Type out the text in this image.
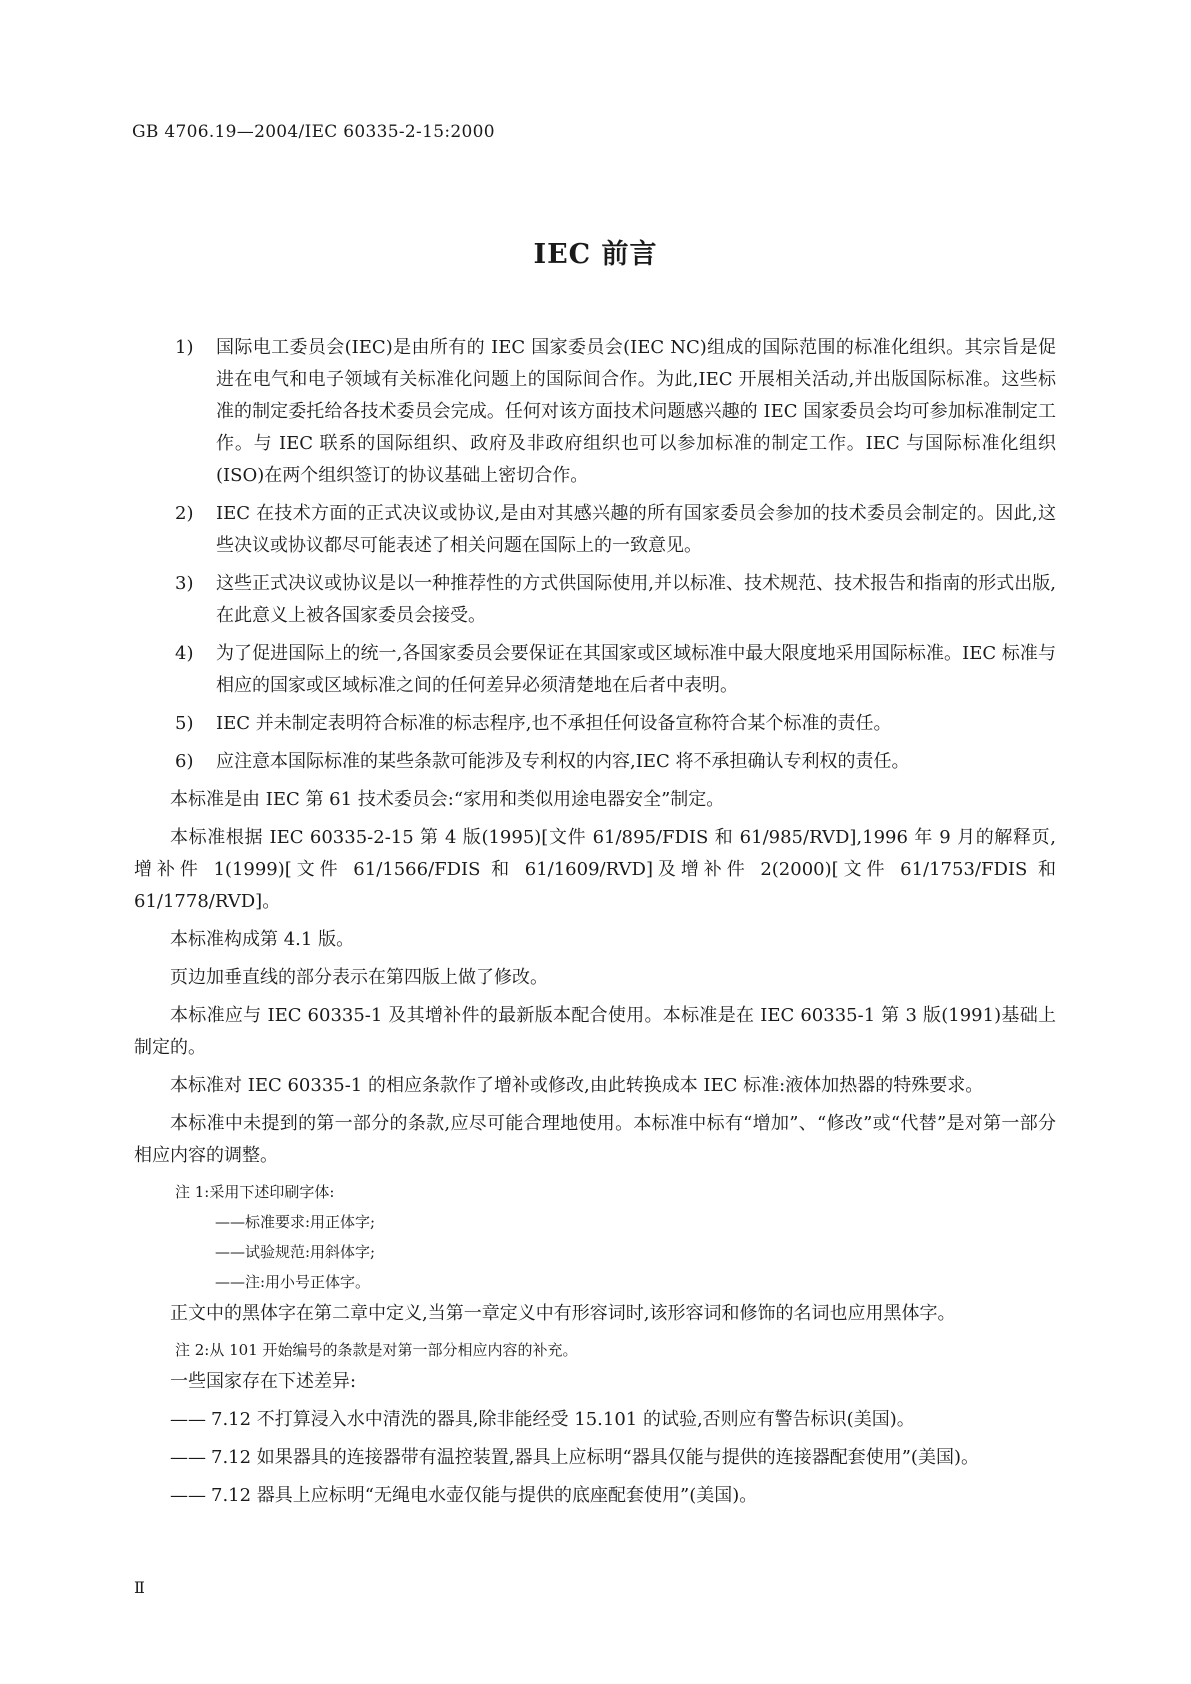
GB 4706.19—2004/IEC 60335-2-15:2000
IEC 前言
1)	国际电工委员会(IEC)是由所有的 IEC 国家委员会(IEC NC)组成的国际范围的标准化组织。其宗旨是促进在电气和电子领域有关标准化问题上的国际间合作。为此,IEC 开展相关活动,并出版国际标准。这些标准的制定委托给各技术委员会完成。任何对该方面技术问题感兴趣的 IEC 国家委员会均可参加标准制定工作。与 IEC 联系的国际组织、政府及非政府组织也可以参加标准的制定工作。IEC 与国际标准化组织(ISO)在两个组织签订的协议基础上密切合作。
2)	IEC 在技术方面的正式决议或协议,是由对其感兴趣的所有国家委员会参加的技术委员会制定的。因此,这些决议或协议都尽可能表述了相关问题在国际上的一致意见。
3)	这些正式决议或协议是以一种推荐性的方式供国际使用,并以标准、技术规范、技术报告和指南的形式出版,在此意义上被各国家委员会接受。
4)	为了促进国际上的统一,各国家委员会要保证在其国家或区域标准中最大限度地采用国际标准。IEC 标准与相应的国家或区域标准之间的任何差异必须清楚地在后者中表明。
5)	IEC 并未制定表明符合标准的标志程序,也不承担任何设备宣称符合某个标准的责任。
6)	应注意本国际标准的某些条款可能涉及专利权的内容,IEC 将不承担确认专利权的责任。

本标准是由 IEC 第 61 技术委员会:“家用和类似用途电器安全”制定。

本标准根据 IEC 60335-2-15 第 4 版(1995)[文件 61/895/FDIS 和 61/985/RVD],1996 年 9 月的解释页,增补件 1(1999)[文件 61/1566/FDIS 和 61/1609/RVD]及增补件 2(2000)[文件 61/1753/FDIS 和 61/1778/RVD]。

本标准构成第 4.1 版。

页边加垂直线的部分表示在第四版上做了修改。

本标准应与 IEC 60335-1 及其增补件的最新版本配合使用。本标准是在 IEC 60335-1 第 3 版(1991)基础上制定的。

本标准对 IEC 60335-1 的相应条款作了增补或修改,由此转换成本 IEC 标准:液体加热器的特殊要求。

本标准中未提到的第一部分的条款,应尽可能合理地使用。本标准中标有“增加”、“修改”或“代替”是对第一部分相应内容的调整。

注 1:采用下述印刷字体:
——标准要求:用正体字;
——试验规范:用斜体字;
——注:用小号正体字。

正文中的黑体字在第二章中定义,当第一章定义中有形容词时,该形容词和修饰的名词也应用黑体字。

注 2:从 101 开始编号的条款是对第一部分相应内容的补充。

一些国家存在下述差异:

—— 7.12 不打算浸入水中清洗的器具,除非能经受 15.101 的试验,否则应有警告标识(美国)。
—— 7.12 如果器具的连接器带有温控装置,器具上应标明“器具仅能与提供的连接器配套使用”(美国)。
—— 7.12 器具上应标明“无绳电水壶仅能与提供的底座配套使用”(美国)。
Ⅱ
